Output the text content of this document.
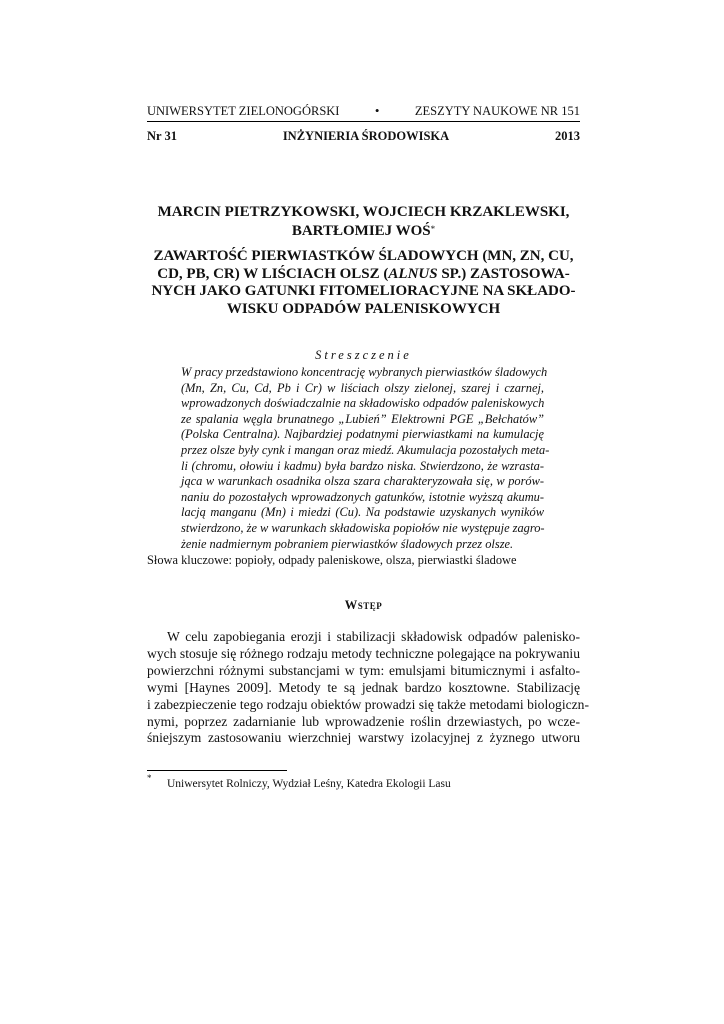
UNIWERSYTET ZIELONOGÓRSKI	•	ZESZYTY NAUKOWE NR 151
Nr 31	INŻYNIERIA ŚRODOWISKA	2013
MARCIN PIETRZYKOWSKI, WOJCIECH KRZAKLEWSKI,
BARTŁOMIEJ WOŚ*
ZAWARTOŚĆ PIERWIASTKÓW ŚLADOWYCH (MN, ZN, CU,
CD, PB, CR) W LIŚCIACH OLSZ (ALNUS SP.) ZASTOSOWA-
NYCH JAKO GATUNKI FITOMELIORACYJNE NA SKŁADO-
WISKU ODPADÓW PALENISKOWYCH
Streszczenie
W pracy przedstawiono koncentrację wybranych pierwiastków śladowych
(Mn, Zn, Cu, Cd, Pb i Cr) w liściach olszy zielonej, szarej i czarnej,
wprowadzonych doświadczalnie na składowisko odpadów paleniskowych
ze spalania węgla brunatnego „Lubień” Elektrowni PGE „Bełchatów”
(Polska Centralna). Najbardziej podatnymi pierwiastkami na kumulację
przez olsze były cynk i mangan oraz miedź. Akumulacja pozostałych meta-
li (chromu, ołowiu i kadmu) była bardzo niska. Stwierdzono, że wzrasta-
jąca w warunkach osadnika olsza szara charakteryzowała się, w porów-
naniu do pozostałych wprowadzonych gatunków, istotnie wyższą akumu-
lacją manganu (Mn) i miedzi (Cu). Na podstawie uzyskanych wyników
stwierdzono, że w warunkach składowiska popiołów nie występuje zagro-
żenie nadmiernym pobraniem pierwiastków śladowych przez olsze.
Słowa kluczowe: popioły, odpady paleniskowe, olsza, pierwiastki śladowe
Wstęp
W celu zapobiegania erozji i stabilizacji składowisk odpadów palenisko-
wych stosuje się różnego rodzaju metody techniczne polegające na pokrywaniu
powierzchni różnymi substancjami w tym: emulsjami bitumicznymi i asfalto-
wymi [Haynes 2009]. Metody te są jednak bardzo kosztowne. Stabilizację
i zabezpieczenie tego rodzaju obiektów prowadzi się także metodami biologiczn-
nymi, poprzez zadarnianie lub wprowadzenie roślin drzewiastych, po wcze-
śniejszym zastosowaniu wierzchniej warstwy izolacyjnej z żyznego utworu
* Uniwersytet Rolniczy, Wydział Leśny, Katedra Ekologii Lasu
